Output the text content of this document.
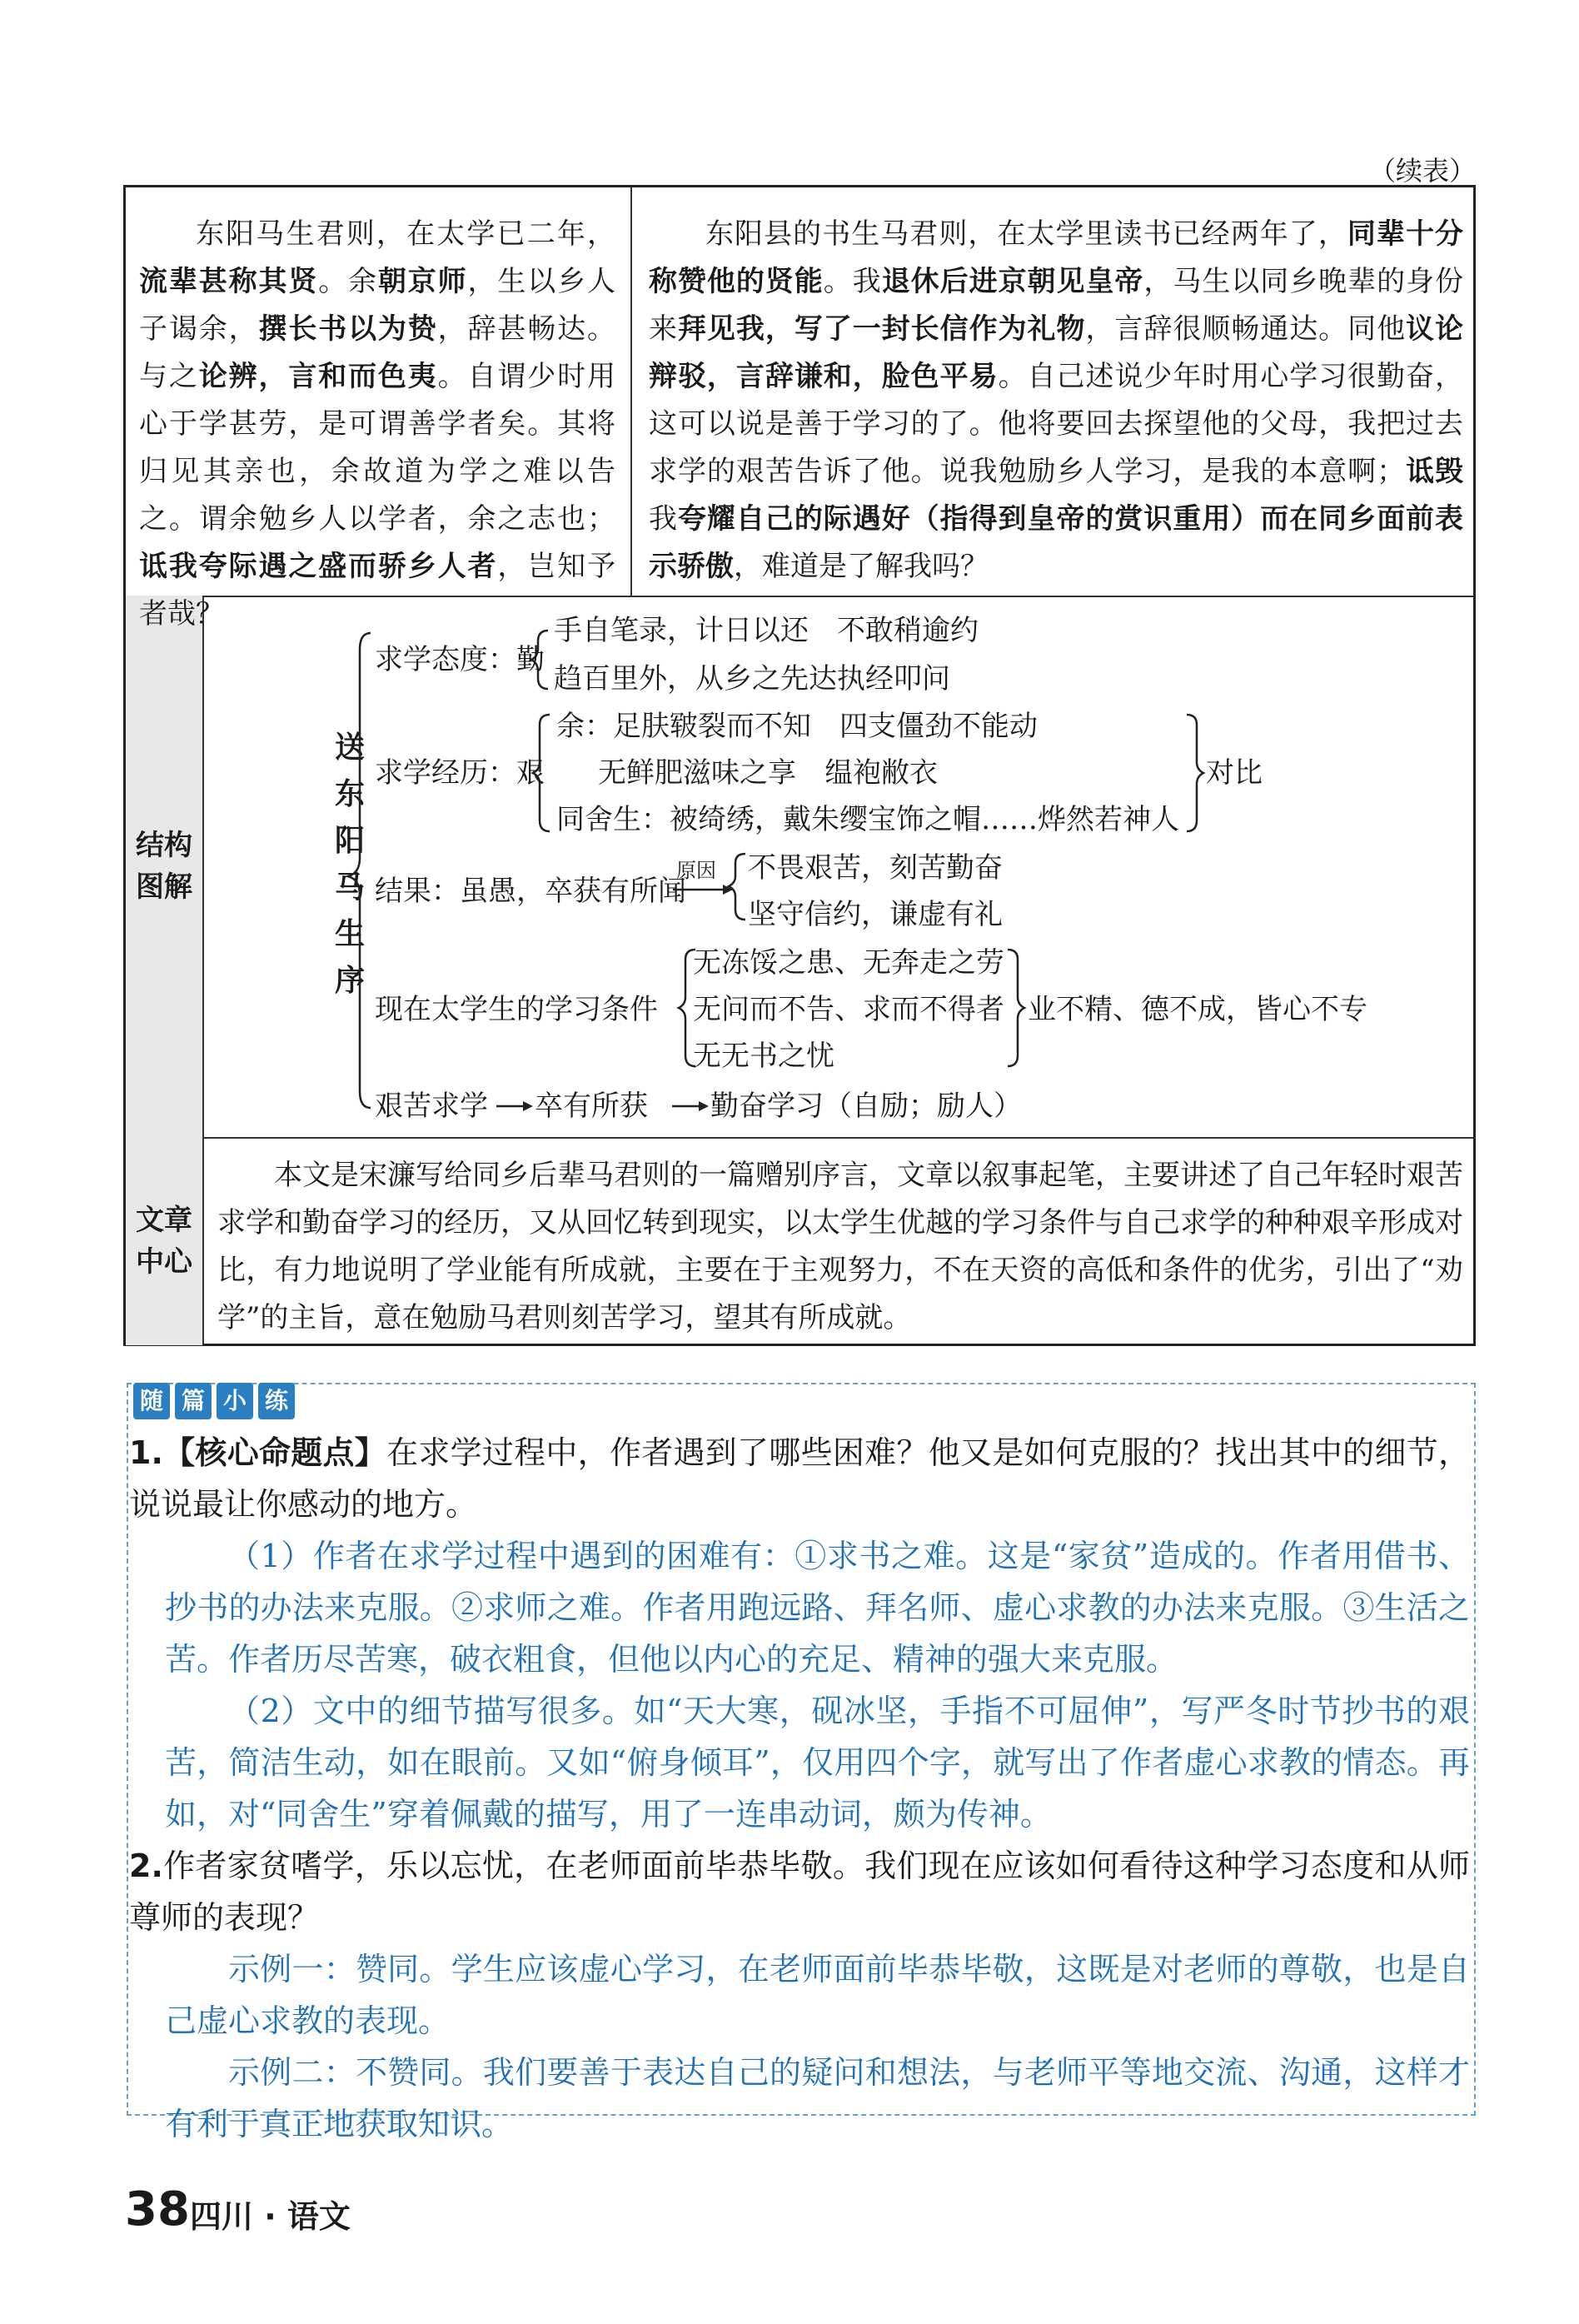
（续表）

东阳马生君则，在太学已二年，流辈甚称其贤。余朝京师，生以乡人子谒余，撰长书以为贽，辞甚畅达。与之论辨，言和而色夷。自谓少时用心于学甚劳，是可谓善学者矣。其将归见其亲也，余故道为学之难以告之。谓余勉乡人以学者，余之志也；诋我夸际遇之盛而骄乡人者，岂知予者哉？

东阳县的书生马君则，在太学里读书已经两年了，同辈十分称赞他的贤能。我退休后进京朝见皇帝，马生以同乡晚辈的身份来拜见我，写了一封长信作为礼物，言辞很顺畅通达。同他议论辩驳，言辞谦和，脸色平易。自己述说少年时用心学习很勤奋，这可以说是善于学习的了。他将要回去探望他的父母，我把过去求学的艰苦告诉了他。说我勉励乡人学习，是我的本意啊；诋毁我夸耀自己的际遇好（指得到皇帝的赏识重用）而在同乡面前表示骄傲，难道是了解我吗？

结构
图解
文章
中心

本文是宋濂写给同乡后辈马君则的一篇赠别序言，文章以叙事起笔，主要讲述了自己年轻时艰苦求学和勤奋学习的经历，又从回忆转到现实，以太学生优越的学习条件与自己求学的种种艰辛形成对比，有力地说明了学业能有所成就，主要在于主观努力，不在天资的高低和条件的优劣，引出了“劝学”的主旨，意在勉励马君则刻苦学习，望其有所成就。

送
东
阳
马
生
序
求学态度：勤
手自笔录，计日以还　不敢稍逾约
趋百里外，从乡之先达执经叩问
求学经历：艰
余：足肤皲裂而不知　四支僵劲不能动
无鲜肥滋味之享　缊袍敝衣
同舍生：被绮绣，戴朱缨宝饰之帽……烨然若神人
对比
结果：虽愚，卒获有所闻
原因 不畏艰苦，刻苦勤奋
坚守信约，谦虚有礼
现在太学生的学习条件
无冻馁之患、无奔走之劳
无问而不告、求而不得者
无无书之忧
业不精、德不成，皆心不专
艰苦求学 卒有所获 勤奋学习（自励；励人）
随 篇 小 练

1.【核心命题点】在求学过程中，作者遇到了哪些困难？他又是如何克服的？找出其中的细节，说说最让你感动的地方。

（1）作者在求学过程中遇到的困难有：①求书之难。这是“家贫”造成的。作者用借书、抄书的办法来克服。②求师之难。作者用跑远路、拜名师、虚心求教的办法来克服。③生活之苦。作者历尽苦寒，破衣粗食，但他以内心的充足、精神的强大来克服。

（2）文中的细节描写很多。如“天大寒，砚冰坚，手指不可屈伸”，写严冬时节抄书的艰苦，简洁生动，如在眼前。又如“俯身倾耳”，仅用四个字，就写出了作者虚心求教的情态。再如，对“同舍生”穿着佩戴的描写，用了一连串动词，颇为传神。

2.作者家贫嗜学，乐以忘忧，在老师面前毕恭毕敬。我们现在应该如何看待这种学习态度和从师尊师的表现？

示例一：赞同。学生应该虚心学习，在老师面前毕恭毕敬，这既是对老师的尊敬，也是自己虚心求教的表现。

示例二：不赞同。我们要善于表达自己的疑问和想法，与老师平等地交流、沟通，这样才有利于真正地获取知识。

38 四川 · 语文
